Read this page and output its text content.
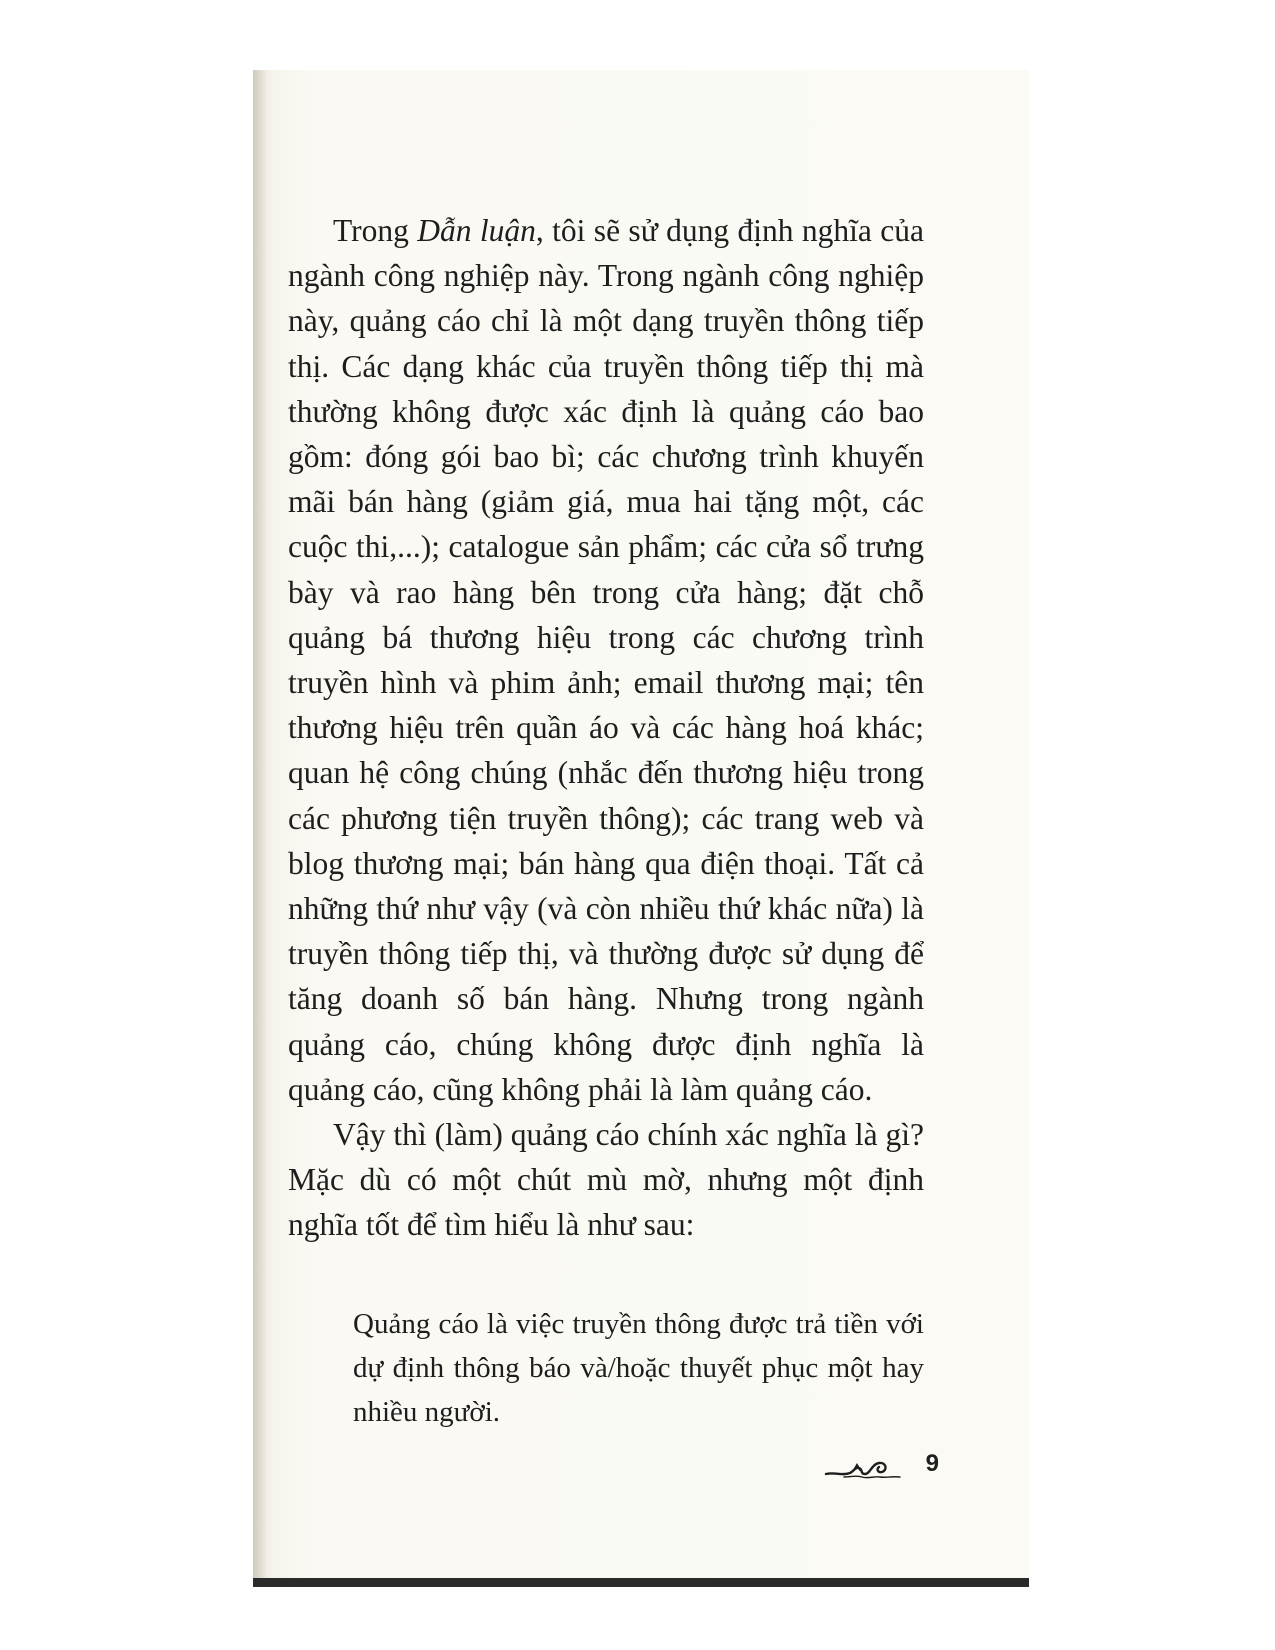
Trong Dẫn luận, tôi sẽ sử dụng định nghĩa của ngành công nghiệp này. Trong ngành công nghiệp này, quảng cáo chỉ là một dạng truyền thông tiếp thị. Các dạng khác của truyền thông tiếp thị mà thường không được xác định là quảng cáo bao gồm: đóng gói bao bì; các chương trình khuyến mãi bán hàng (giảm giá, mua hai tặng một, các cuộc thi,...); catalogue sản phẩm; các cửa sổ trưng bày và rao hàng bên trong cửa hàng; đặt chỗ quảng bá thương hiệu trong các chương trình truyền hình và phim ảnh; email thương mại; tên thương hiệu trên quần áo và các hàng hoá khác; quan hệ công chúng (nhắc đến thương hiệu trong các phương tiện truyền thông); các trang web và blog thương mại; bán hàng qua điện thoại. Tất cả những thứ như vậy (và còn nhiều thứ khác nữa) là truyền thông tiếp thị, và thường được sử dụng để tăng doanh số bán hàng. Nhưng trong ngành quảng cáo, chúng không được định nghĩa là quảng cáo, cũng không phải là làm quảng cáo.

Vậy thì (làm) quảng cáo chính xác nghĩa là gì? Mặc dù có một chút mù mờ, nhưng một định nghĩa tốt để tìm hiểu là như sau:

Quảng cáo là việc truyền thông được trả tiền với dự định thông báo và/hoặc thuyết phục một hay nhiều người.

9
